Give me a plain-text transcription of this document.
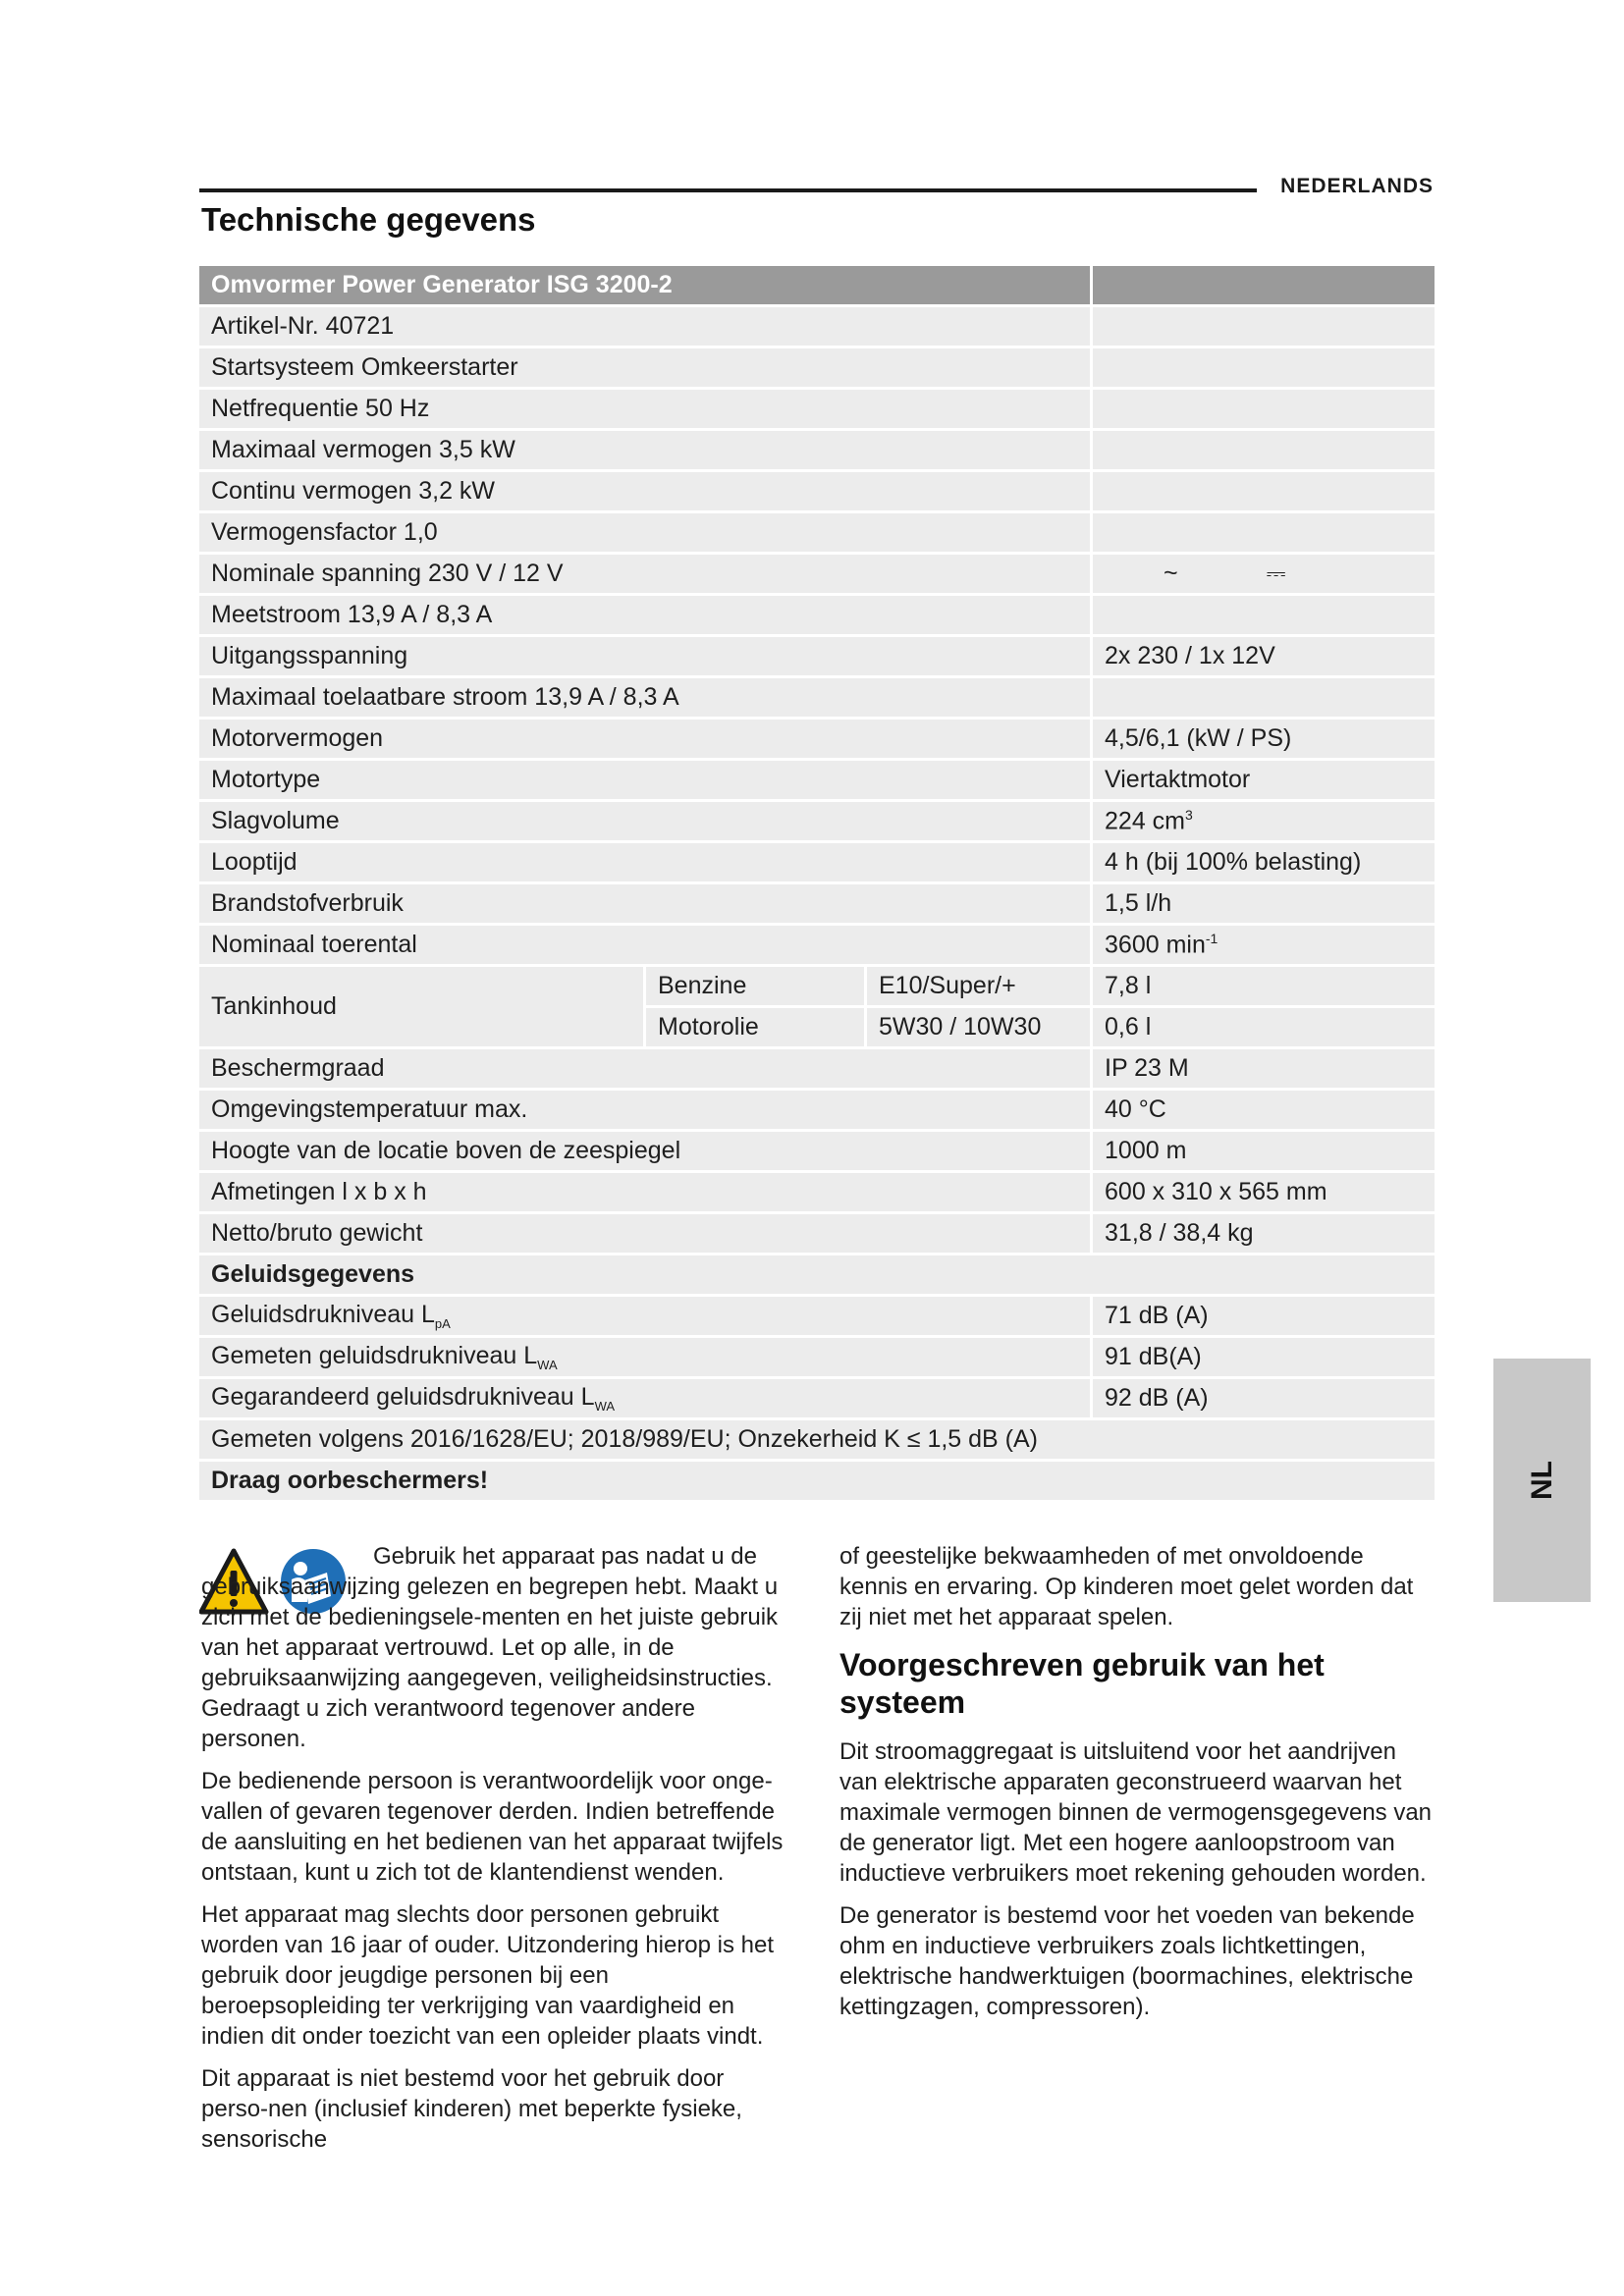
NEDERLANDS
Technische gegevens
Omvormer Power Generator ISG 3200-2			
Artikel-Nr. 40721			
Startsysteem Omkeerstarter			
Netfrequentie 50 Hz			
Maximaal vermogen 3,5 kW			
Continu vermogen 3,2 kW			
Vermogensfactor 1,0			
Nominale spanning 230 V / 12 V			~ ⎓
Meetstroom 13,9 A / 8,3 A			
Uitgangsspanning			2x 230 / 1x 12V
Maximaal toelaatbare stroom 13,9 A / 8,3 A			
Motorvermogen			4,5/6,1 (kW / PS)
Motortype			Viertaktmotor
Slagvolume			224 $cm^3$
Looptijd			4 h (bij 100% belasting)
Brandstofverbruik			1,5 l/h
Nominaal toerental			3600 $\min^{-1}$
Tankinhoud	Benzine	E10/Super/+	7,8 l
	Motorolie	5W30 / 10W30	0,6 l
Beschermgraad			IP 23 M
Omgevingstemperatuur max.			40 °C
Hoogte van de locatie boven de zeespiegel			1000 m
Afmetingen l x b x h			600 x 310 x 565 mm
Netto/bruto gewicht			31,8 / 38,4 kg
Geluidsgegevens			
Geluidsdrukniveau $L_{pA}$			71 dB (A)
Gemeten geluidsdrukniveau $L_{WA}$			91 dB(A)
Gegarandeerd geluidsdrukniveau $L_{WA}$			92 dB (A)
Gemeten volgens 2016/1628/EU; 2018/989/EU; Onzekerheid K ≤ 1,5 dB (A)			
Draag oorbeschermers!			

Gebruik het apparaat pas nadat u de gebruiksaanwijzing gelezen en begrepen hebt. Maakt u zich met de bedieningsele-menten en het juiste gebruik van het apparaat vertrouwd. Let op alle, in de gebruiksaanwijzing aangegeven, veiligheidsinstructies. Gedraagt u zich verantwoord tegenover andere personen.

De bedienende persoon is verantwoordelijk voor onge-vallen of gevaren tegenover derden. Indien betreffende de aansluiting en het bedienen van het apparaat twijfels ontstaan, kunt u zich tot de klantendienst wenden.

Het apparaat mag slechts door personen gebruikt worden van 16 jaar of ouder. Uitzondering hierop is het gebruik door jeugdige personen bij een beroepsopleiding ter verkrijging van vaardigheid en indien dit onder toezicht van een opleider plaats vindt.

Dit apparaat is niet bestemd voor het gebruik door perso-nen (inclusief kinderen) met beperkte fysieke, sensorische

of geestelijke bekwaamheden of met onvoldoende kennis en ervaring. Op kinderen moet gelet worden dat zij niet met het apparaat spelen.

Voorgeschreven gebruik van het systeem

Dit stroomaggregaat is uitsluitend voor het aandrijven van elektrische apparaten geconstrueerd waarvan het maximale vermogen binnen de vermogensgegevens van de generator ligt. Met een hogere aanloopstroom van inductieve verbruikers moet rekening gehouden worden.

De generator is bestemd voor het voeden van bekende ohm en inductieve verbruikers zoals lichtkettingen, elektrische handwerktuigen (boormachines, elektrische kettingzagen, compressoren).

NL
